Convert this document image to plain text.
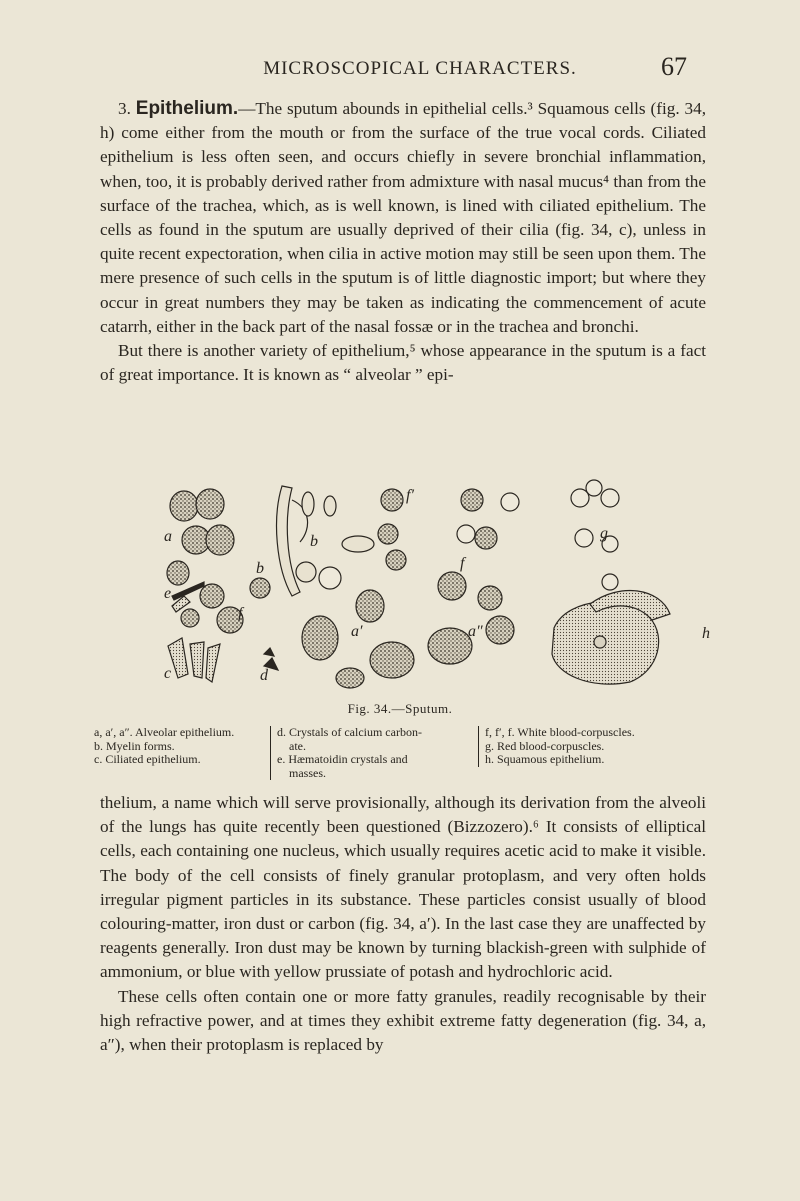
MICROSCOPICAL CHARACTERS.	67

3. Epithelium.—The sputum abounds in epithelial cells.³ Squamous cells (fig. 34, h) come either from the mouth or from the surface of the true vocal cords. Ciliated epithelium is less often seen, and occurs chiefly in severe bronchial inflammation, when, too, it is probably derived rather from admixture with nasal mucus⁴ than from the surface of the trachea, which, as is well known, is lined with ciliated epithelium. The cells as found in the sputum are usually deprived of their cilia (fig. 34, c), unless in quite recent expectoration, when cilia in active motion may still be seen upon them. The mere presence of such cells in the sputum is of little diagnostic import; but where they occur in great numbers they may be taken as indicating the commencement of acute catarrh, either in the back part of the nasal fossæ or in the trachea and bronchi.

But there is another variety of epithelium,⁵ whose appearance in the sputum is a fact of great importance. It is known as “ alveolar ” epi-

a
a′	a″
b
b
c	d
e
f
f
f′
g
h
Fig. 34.—Sputum.
a, a′, a″. Alveolar epithelium.
b. Myelin forms.
c. Ciliated epithelium.
d. Crystals of calcium carbon-
ate.
e. Hæmatoidin crystals and
masses.
f, f′, f. White blood-corpuscles.
g. Red blood-corpuscles.
h. Squamous epithelium.

thelium, a name which will serve provisionally, although its derivation from the alveoli of the lungs has quite recently been questioned (Bizzozero).⁶ It consists of elliptical cells, each containing one nucleus, which usually requires acetic acid to make it visible. The body of the cell consists of finely granular protoplasm, and very often holds irregular pigment particles in its substance. These particles consist usually of blood colouring-matter, iron dust or carbon (fig. 34, a′). In the last case they are unaffected by reagents generally. Iron dust may be known by turning blackish-green with sulphide of ammonium, or blue with yellow prussiate of potash and hydrochloric acid.

These cells often contain one or more fatty granules, readily recognisable by their high refractive power, and at times they exhibit extreme fatty degeneration (fig. 34, a, a″), when their protoplasm is replaced by
